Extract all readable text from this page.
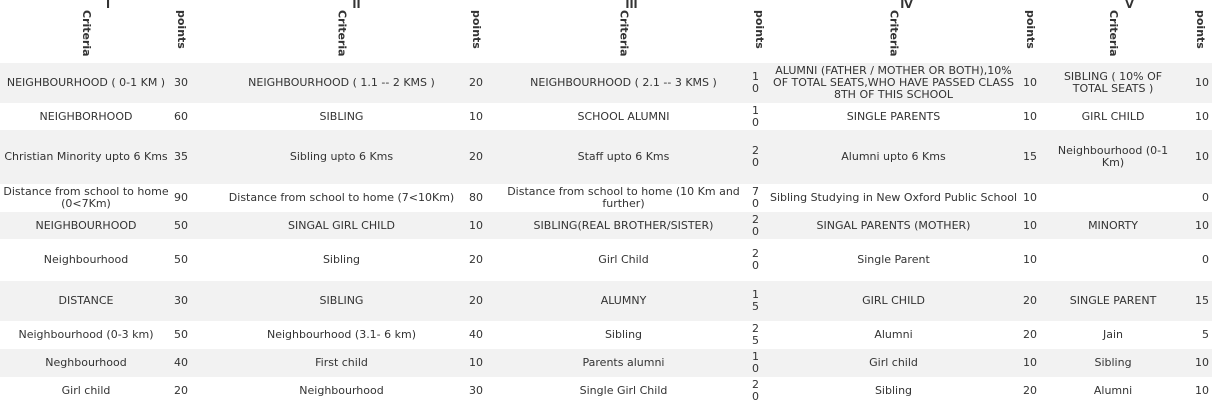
I		II		III		IV		V	
Criteria	points	Criteria	points	Criteria	points	Criteria	points	Criteria	points
NEIGHBOURHOOD ( 0-1 KM )	30	NEIGHBOURHOOD ( 1.1 -- 2 KMS )	20	NEIGHBOURHOOD ( 2.1 -- 3 KMS )	10	ALUMNI (FATHER / MOTHER OR BOTH),10% OF TOTAL SEATS,WHO HAVE PASSED CLASS 8TH OF THIS SCHOOL	10	SIBLING ( 10% OF TOTAL SEATS )	10
NEIGHBORHOOD	60	SIBLING	10	SCHOOL ALUMNI	10	SINGLE PARENTS	10	GIRL CHILD	10
Christian Minority upto 6 Kms	35	Sibling upto 6 Kms	20	Staff upto 6 Kms	20	Alumni upto 6 Kms	15	Neighbourhood (0-1 Km)	10
Distance from school to home (0<7Km)	90	Distance from school to home (7<10Km)	80	Distance from school to home (10 Km and further)	70	Sibling Studying in New Oxford Public School	10		0
NEIGHBOURHOOD	50	SINGAL GIRL CHILD	10	SIBLING(REAL BROTHER/SISTER)	20	SINGAL PARENTS (MOTHER)	10	MINORTY	10
Neighbourhood	50	Sibling	20	Girl Child	20	Single Parent	10		0
DISTANCE	30	SIBLING	20	ALUMNY	15	GIRL CHILD	20	SINGLE PARENT	15
Neighbourhood (0-3 km)	50	Neighbourhood (3.1- 6 km)	40	Sibling	25	Alumni	20	Jain	5
Neghbourhood	40	First child	10	Parents alumni	10	Girl child	10	Sibling	10
Girl child	20	Neighbourhood	30	Single Girl Child	20	Sibling	20	Alumni	10
